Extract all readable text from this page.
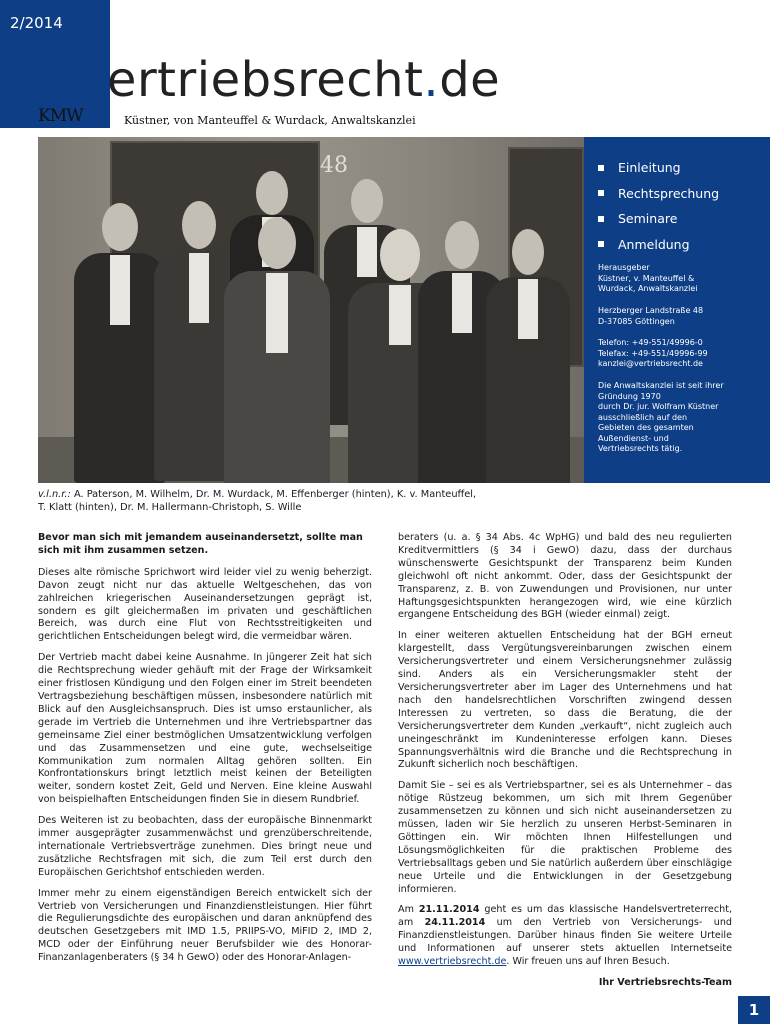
2/2014
vertriebsrecht.de
KMW	Küstner, von Manteuffel & Wurdack, Anwaltskanzlei
48	Einleitung
Rechtsprechung
Seminare
Anmeldung
Herausgeber
Küstner, v. Manteuffel &
Wurdack, Anwaltskanzlei
Herzberger Landstraße 48
D-37085 Göttingen
Telefon: +49-551/49996-0
Telefax: +49-551/49996-99
kanzlei@vertriebsrecht.de
Die Anwaltskanzlei ist seit ihrer
Gründung 1970
durch Dr. jur. Wolfram Küstner
ausschließlich auf den
Gebieten des gesamten
Außendienst- und
Vertriebsrechts tätig.
v.l.n.r.: A. Paterson, M. Wilhelm, Dr. M. Wurdack, M. Effenberger (hinten), K. v. Manteuffel,
T. Klatt (hinten), Dr. M. Hallermann-Christoph, S. Wille

Bevor man sich mit jemandem auseinandersetzt, sollte man sich mit ihm zusammen setzen.

Dieses alte römische Sprichwort wird leider viel zu wenig beherzigt. Davon zeugt nicht nur das aktuelle Weltgeschehen, das von zahlreichen kriegerischen Auseinandersetzungen geprägt ist, sondern es gilt gleichermaßen im privaten und geschäftlichen Bereich, was durch eine Flut von Rechtsstreitigkeiten und gerichtlichen Entscheidungen belegt wird, die vermeidbar wären.

Der Vertrieb macht dabei keine Ausnahme. In jüngerer Zeit hat sich die Rechtsprechung wieder gehäuft mit der Frage der Wirksamkeit einer fristlosen Kündigung und den Folgen einer im Streit beendeten Vertragsbeziehung beschäftigen müssen, insbesondere natürlich mit Blick auf den Ausgleichsanspruch. Dies ist umso erstaunlicher, als gerade im Vertrieb die Unternehmen und ihre Vertriebspartner das gemeinsame Ziel einer bestmöglichen Umsatzentwicklung verfolgen und das Zusammensetzen und eine gute, wechselseitige Kommunikation zum normalen Alltag gehören sollten. Ein Konfrontationskurs bringt letztlich meist keinen der Beteiligten weiter, sondern kostet Zeit, Geld und Nerven. Eine kleine Auswahl von beispielhaften Entscheidungen finden Sie in diesem Rundbrief.

Des Weiteren ist zu beobachten, dass der europäische Binnenmarkt immer ausgeprägter zusammenwächst und grenzüberschreitende, internationale Vertriebsverträge zunehmen. Dies bringt neue und zusätzliche Rechtsfragen mit sich, die zum Teil erst durch den Europäischen Gerichtshof entschieden werden.

Immer mehr zu einem eigenständigen Bereich entwickelt sich der Vertrieb von Versicherungen und Finanzdienstleistungen. Hier führt die Regulierungsdichte des europäischen und daran anknüpfend des deutschen Gesetzgebers mit IMD 1.5, PRIIPS-VO, MiFID 2, IMD 2, MCD oder der Einführung neuer Berufsbilder wie des Honorar-Finanzanlagenberaters (§ 34 h GewO) oder des Honorar-Anlagen-

beraters (u. a. § 34 Abs. 4c WpHG) und bald des neu regulierten Kreditvermittlers (§ 34 i GewO) dazu, dass der durchaus wünschenswerte Gesichtspunkt der Transparenz beim Kunden gleichwohl oft nicht ankommt. Oder, dass der Gesichtspunkt der Transparenz, z. B. von Zuwendungen und Provisionen, nur unter Haftungsgesichtspunkten herangezogen wird, wie eine kürzlich ergangene Entscheidung des BGH (wieder einmal) zeigt.

In einer weiteren aktuellen Entscheidung hat der BGH erneut klargestellt, dass Vergütungsvereinbarungen zwischen einem Versicherungsvertreter und einem Versicherungsnehmer zulässig sind. Anders als ein Versicherungsmakler steht der Versicherungsvertreter aber im Lager des Unternehmens und hat nach den handelsrechtlichen Vorschriften zwingend dessen Interessen zu vertreten, so dass die Beratung, die der Versicherungsvertreter dem Kunden „verkauft“, nicht zugleich auch uneingeschränkt im Kundeninteresse erfolgen kann. Dieses Spannungsverhältnis wird die Branche und die Rechtsprechung in Zukunft sicherlich noch beschäftigen.

Damit Sie – sei es als Vertriebspartner, sei es als Unternehmer – das nötige Rüstzeug bekommen, um sich mit Ihrem Gegenüber zusammensetzen zu können und sich nicht auseinandersetzen zu müssen, laden wir Sie herzlich zu unseren Herbst-Seminaren in Göttingen ein. Wir möchten Ihnen Hilfestellungen und Lösungsmöglichkeiten für die praktischen Probleme des Vertriebsalltags geben und Sie natürlich außerdem über einschlägige neue Urteile und die Entwicklungen in der Gesetzgebung informieren.

Am 21.11.2014 geht es um das klassische Handelsvertreterrecht, am 24.11.2014 um den Vertrieb von Versicherungs- und Finanzdienstleistungen. Darüber hinaus finden Sie weitere Urteile und Informationen auf unserer stets aktuellen Internetseite www.vertriebsrecht.de. Wir freuen uns auf Ihren Besuch.

Ihr Vertriebsrechts-Team

1
